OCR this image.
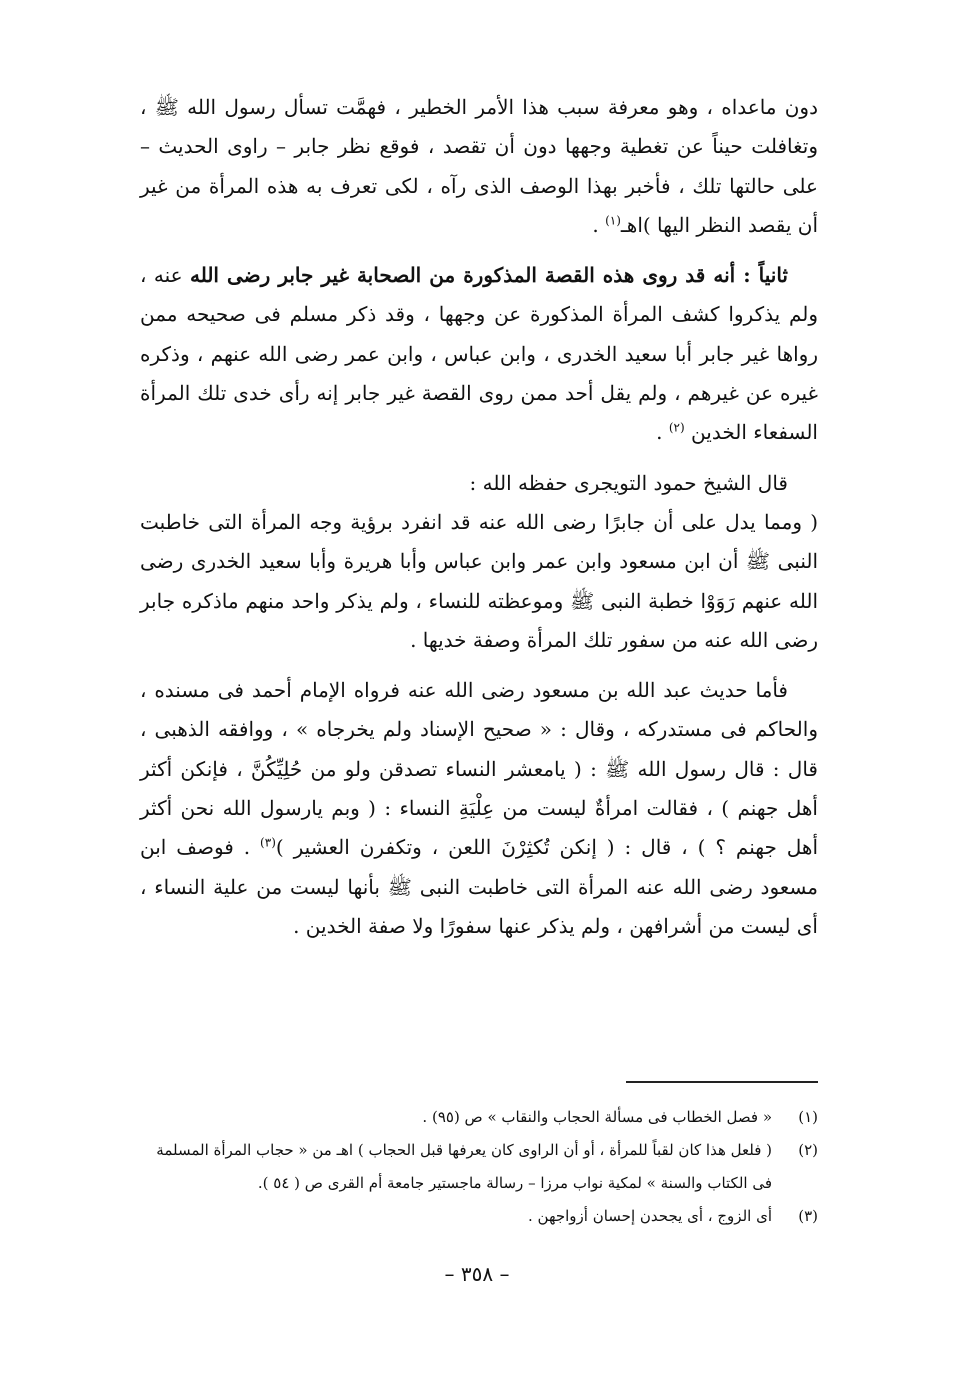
دون ماعداه ، وهو معرفة سبب هذا الأمر الخطير ، فهمَّت تسأل رسول الله ﷺ ، وتغافلت حيناً عن تغطية وجهها دون أن تقصد ، فوقع نظر جابر – راوى الحديث – على حالتها تلك ، فأخبر بهذا الوصف الذى رآه ، لكى تعرف به هذه المرأة من غير أن يقصد النظر اليها )اهـ$^{(١)}$ .

ثانياً : أنه قد روى هذه القصة المذكورة من الصحابة غير جابر رضى الله عنه ، ولم يذكروا كشف المرأة المذكورة عن وجهها ، وقد ذكر مسلم فى صحيحه ممن رواها غير جابر أبا سعيد الخدرى ، وابن عباس ، وابن عمر رضى الله عنهم ، وذكره غيره عن غيرهم ، ولم يقل أحد ممن روى القصة غير جابر إنه رأى خدى تلك المرأة السفعاء الخدين $^{(٢)}$ .

قال الشيخ حمود التويجرى حفظه الله :

( ومما يدل على أن جابرًا رضى الله عنه قد انفرد برؤية وجه المرأة التى خاطبت النبى ﷺ أن ابن مسعود وابن عمر وابن عباس وأبا هريرة وأبا سعيد الخدرى رضى الله عنهم رَوَوْا خطبة النبى ﷺ وموعظته للنساء ، ولم يذكر واحد منهم ماذكره جابر رضى الله عنه من سفور تلك المرأة وصفة خديها .

فأما حديث عبد الله بن مسعود رضى الله عنه فرواه الإمام أحمد فى مسنده ، والحاكم فى مستدركه ، وقال : « صحيح الإسناد ولم يخرجاه » ، ووافقه الذهبى ، قال : قال رسول الله ﷺ : ( يامعشر النساء تصدقن ولو من حُلِيِّكُنَّ ، فإنكن أكثر أهل جهنم ) ، فقالت امرأةٌ ليست من عِلْيَةِ النساء : ( وبم يارسول الله نحن أكثر أهل جهنم ؟ ) ، قال : ( إنكن تُكثِرْنَ اللعن ، وتكفرن العشير )$^{(٣)}$ . فوصف ابن مسعود رضى الله عنه المرأة التى خاطبت النبى ﷺ بأنها ليست من علية النساء ، أى ليست من أشرافهن ، ولم يذكر عنها سفورًا ولا صفة الخدين .

(١)
« فصل الخطاب فى مسألة الحجاب والنقاب » ص (٩٥) .
(٢)
( فلعل هذا كان لقباً للمرأة ، أو أن الراوى كان يعرفها قبل الحجاب ) اهـ من « حجاب المرأة المسلمة فى الكتاب والسنة » لمكية نواب مرزا – رسالة ماجستير جامعة أم القرى ص ( ٥٤ ).
(٣)
أى الزوج ، أى يجحدن إحسان أزواجهن .
– ٣٥٨ –
